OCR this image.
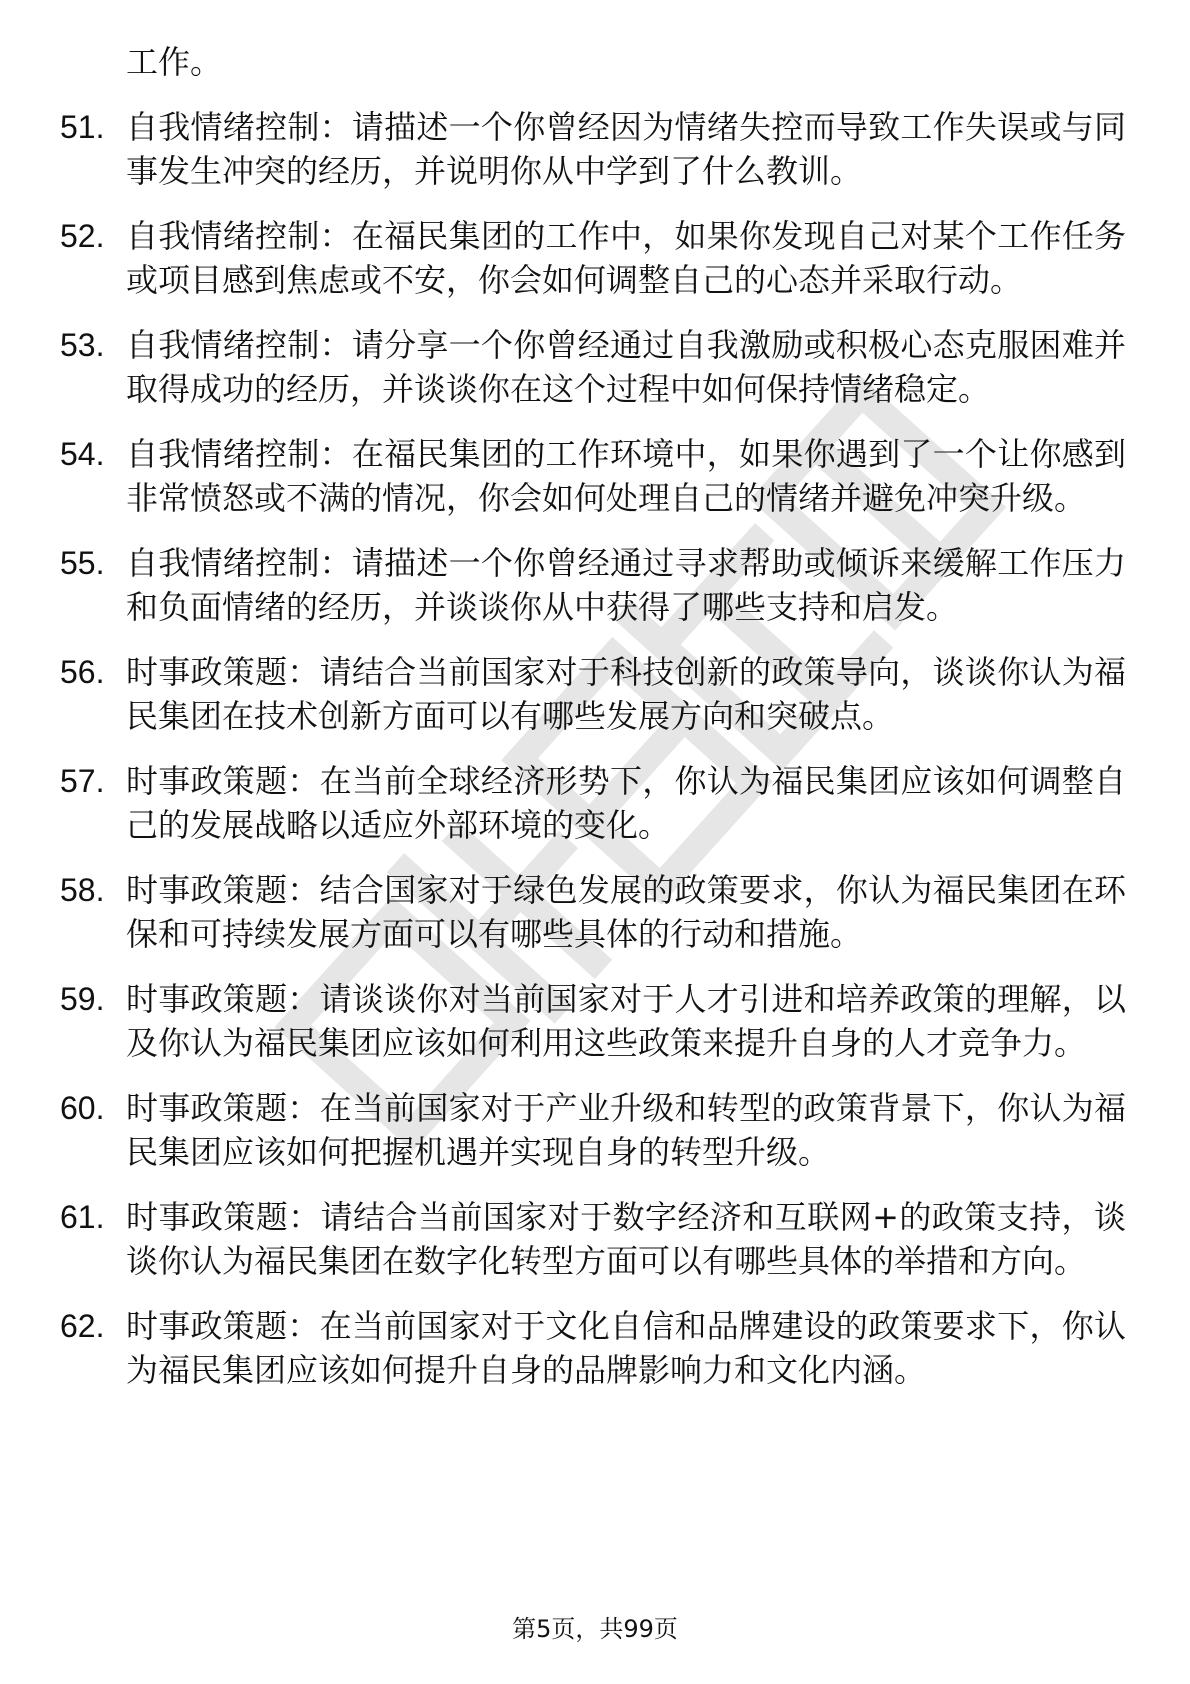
工作。
51. 自我情绪控制：请描述一个你曾经因为情绪失控而导致工作失误或与同事发生冲突的经历，并说明你从中学到了什么教训。
52. 自我情绪控制：在福民集团的工作中，如果你发现自己对某个工作任务或项目感到焦虑或不安，你会如何调整自己的心态并采取行动。
53. 自我情绪控制：请分享一个你曾经通过自我激励或积极心态克服困难并取得成功的经历，并谈谈你在这个过程中如何保持情绪稳定。
54. 自我情绪控制：在福民集团的工作环境中，如果你遇到了一个让你感到非常愤怒或不满的情况，你会如何处理自己的情绪并避免冲突升级。
55. 自我情绪控制：请描述一个你曾经通过寻求帮助或倾诉来缓解工作压力和负面情绪的经历，并谈谈你从中获得了哪些支持和启发。
56. 时事政策题：请结合当前国家对于科技创新的政策导向，谈谈你认为福民集团在技术创新方面可以有哪些发展方向和突破点。
57. 时事政策题：在当前全球经济形势下，你认为福民集团应该如何调整自己的发展战略以适应外部环境的变化。
58. 时事政策题：结合国家对于绿色发展的政策要求，你认为福民集团在环保和可持续发展方面可以有哪些具体的行动和措施。
59. 时事政策题：请谈谈你对当前国家对于人才引进和培养政策的理解，以及你认为福民集团应该如何利用这些政策来提升自身的人才竞争力。
60. 时事政策题：在当前国家对于产业升级和转型的政策背景下，你认为福民集团应该如何把握机遇并实现自身的转型升级。
61. 时事政策题：请结合当前国家对于数字经济和互联网+的政策支持，谈谈你认为福民集团在数字化转型方面可以有哪些具体的举措和方向。
62. 时事政策题：在当前国家对于文化自信和品牌建设的政策要求下，你认为福民集团应该如何提升自身的品牌影响力和文化内涵。
第5页，共99页
